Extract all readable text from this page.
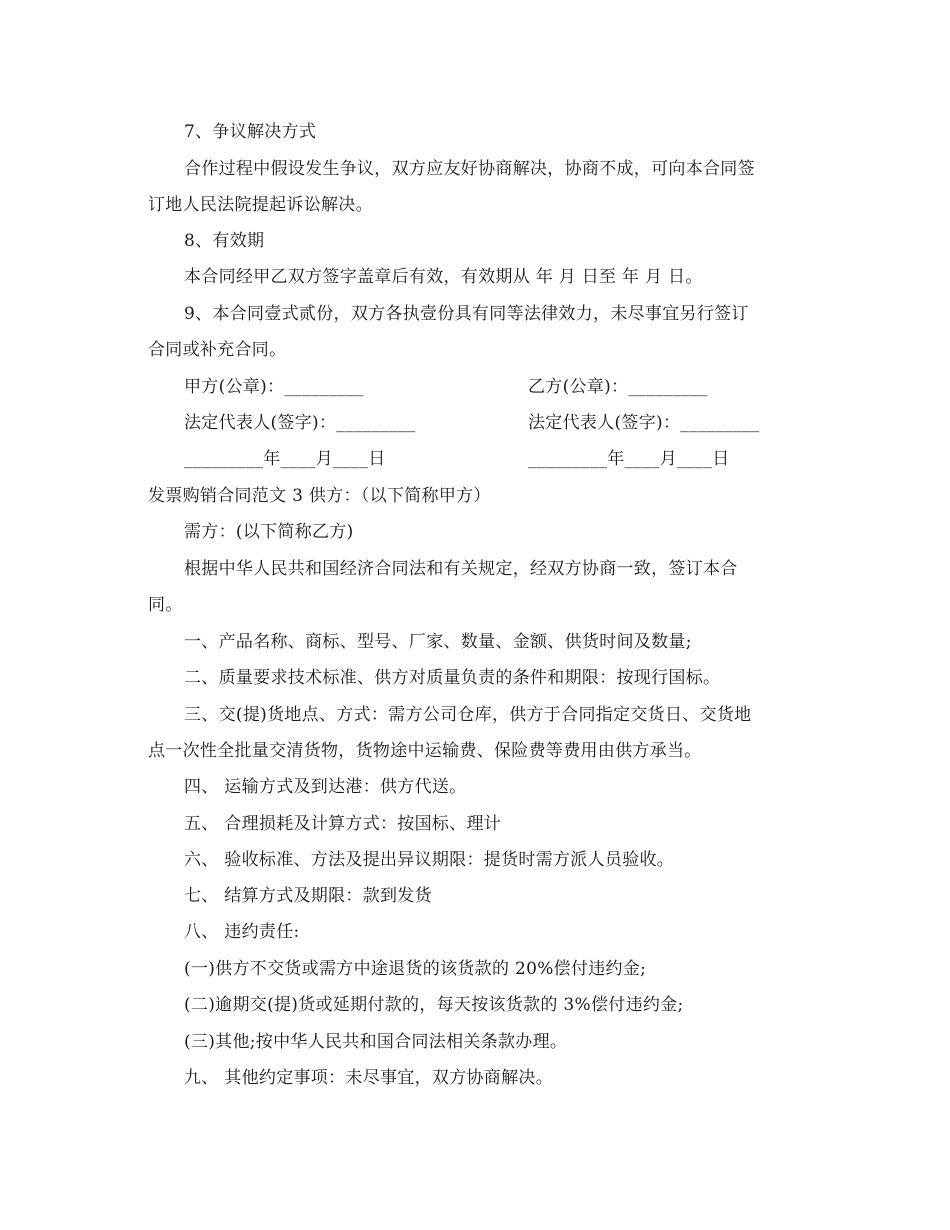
7、争议解决方式
合作过程中假设发生争议，双方应友好协商解决，协商不成，可向本合同签
订地人民法院提起诉讼解决。
8、有效期
本合同经甲乙双方签字盖章后有效，有效期从 年 月 日至 年 月 日。
9、本合同壹式贰份，双方各执壹份具有同等法律效力，未尽事宜另行签订
合同或补充合同。
甲方(公章)：_________	乙方(公章)：_________
法定代表人(签字)：_________	法定代表人(签字)：_________
_________年____月____日	_________年____月____日
发票购销合同范文 3 供方：（以下简称甲方）
需方：(以下简称乙方)
根据中华人民共和国经济合同法和有关规定，经双方协商一致，签订本合
同。
一、产品名称、商标、型号、厂家、数量、金额、供货时间及数量;
二、质量要求技术标准、供方对质量负责的条件和期限：按现行国标。
三、交(提)货地点、方式：需方公司仓库，供方于合同指定交货日、交货地
点一次性全批量交清货物，货物途中运输费、保险费等费用由供方承当。
四、 运输方式及到达港：供方代送。
五、 合理损耗及计算方式：按国标、理计
六、 验收标准、方法及提出异议期限：提货时需方派人员验收。
七、 结算方式及期限：款到发货
八、 违约责任:
(一)供方不交货或需方中途退货的该货款的 20%偿付违约金;
(二)逾期交(提)货或延期付款的，每天按该货款的 3%偿付违约金;
(三)其他;按中华人民共和国合同法相关条款办理。
九、 其他约定事项：未尽事宜，双方协商解决。
